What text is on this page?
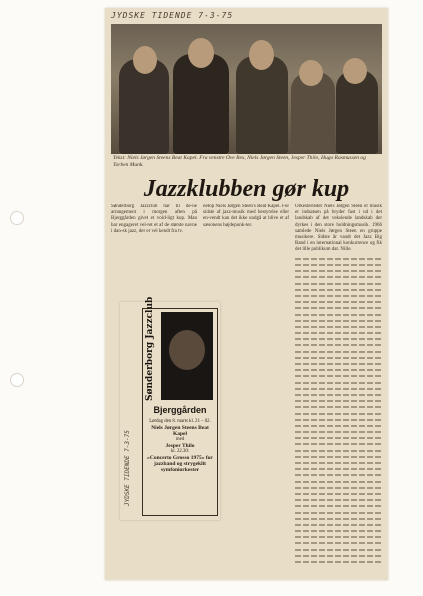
JYDSKE TIDENDE 7-3-75
Tekst: Niels Jørgen Steens Beat Kapel. Fra venstre Ove Rex, Niels Jørgen Steen, Jesper Thilo, Hugo Rasmussen og Torben Munk.
Jazzklubben gør kup
Sønderborg Jazzclub har til de-ne arrangement i morgen aften på Bjerggården givet et vold-ligt kup. Man har engageret vel-ret et af de største navne i dan-sk jazz, der er vel kendt fra tv.
netop Niels Jørgen Steen's Beat Kapel. For sidste af jazz-musik med bestyrelse eller en-vendt kan det ikke undgå at blive et af sæsonens højdepunk-ter.
Orkesterleder Niels Jørgen Steen er musik er indsatsen på bryder fast i ud i det landskab af det vekslende landskab der dyrkes i den store holdningsmusik. 1966 samlede Niels Jørgen Steen en gruppe musikere. Sidste år vandt det Jazz Big Band i en international konkurrence og fik det lille publikum dat. Nille.
JYDSKE TIDENDE 7-3-75
Sønderborg Jazzclub
Bjerggården
Lørdag den 8. marts kl. 21 – 02.
Niels Jørgen Steens Beat Kapel
med
Jesper Thilo
kl. 22.30:
»Concerto Grosso 1975« for jazzband og strygeklit symfoniorkester
